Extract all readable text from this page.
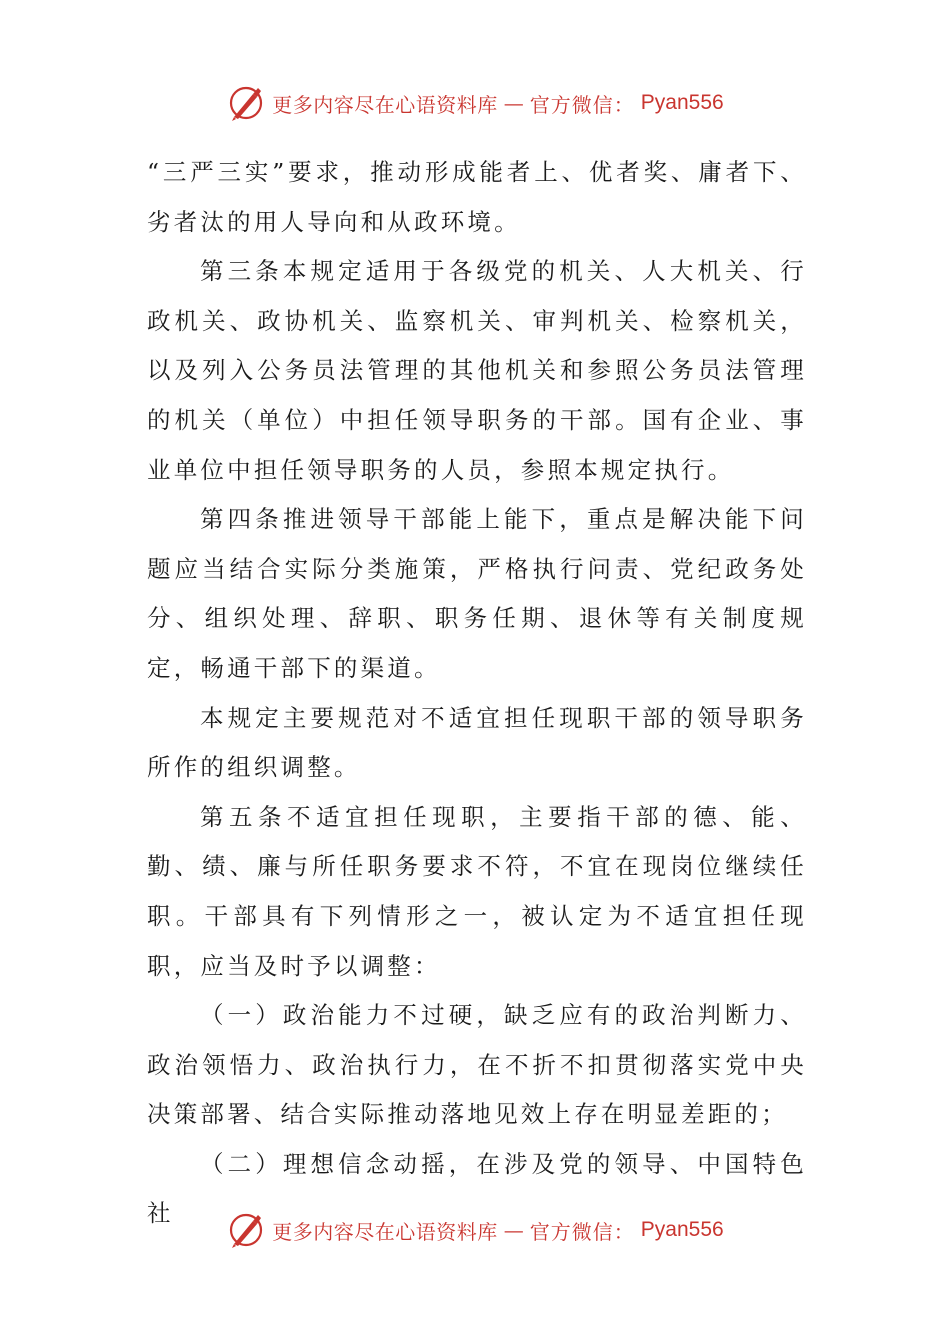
更多内容尽在心语资料库 — 官方微信： Pyan556

“三严三实”要求，推动形成能者上、优者奖、庸者下、劣者汰的用人导向和从政环境。

第三条本规定适用于各级党的机关、人大机关、行政机关、政协机关、监察机关、审判机关、检察机关，以及列入公务员法管理的其他机关和参照公务员法管理的机关（单位）中担任领导职务的干部。国有企业、事业单位中担任领导职务的人员，参照本规定执行。

第四条推进领导干部能上能下，重点是解决能下问题应当结合实际分类施策，严格执行问责、党纪政务处分、组织处理、辞职、职务任期、退休等有关制度规定，畅通干部下的渠道。

本规定主要规范对不适宜担任现职干部的领导职务所作的组织调整。

第五条不适宜担任现职，主要指干部的德、能、勤、绩、廉与所任职务要求不符，不宜在现岗位继续任职。干部具有下列情形之一，被认定为不适宜担任现职，应当及时予以调整：

（一）政治能力不过硬，缺乏应有的政治判断力、政治领悟力、政治执行力，在不折不扣贯彻落实党中央决策部署、结合实际推动落地见效上存在明显差距的；

（二）理想信念动摇，在涉及党的领导、中国特色社

更多内容尽在心语资料库 — 官方微信： Pyan556
